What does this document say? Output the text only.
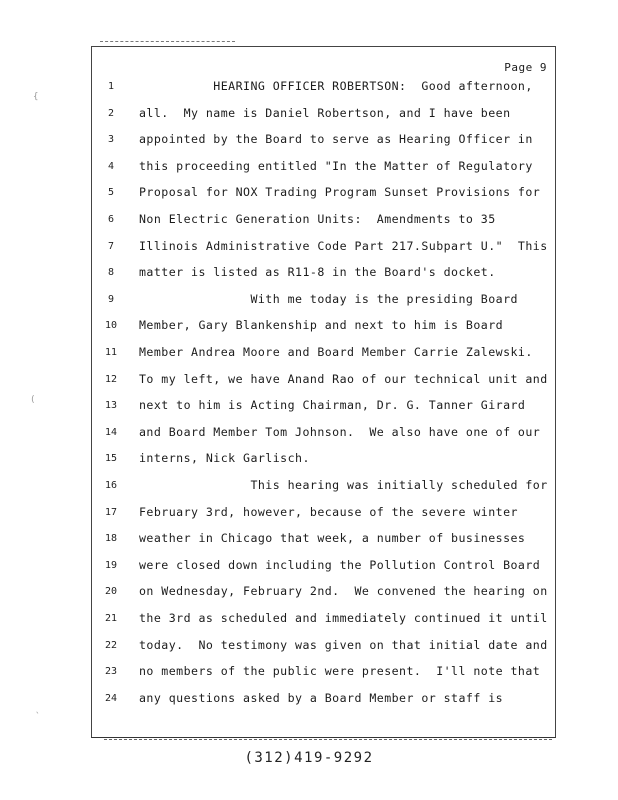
Page 9
1	HEARING OFFICER ROBERTSON:  Good afternoon,
2	all.  My name is Daniel Robertson, and I have been
3	appointed by the Board to serve as Hearing Officer in
4	this proceeding entitled "In the Matter of Regulatory
5	Proposal for NOX Trading Program Sunset Provisions for
6	Non Electric Generation Units:  Amendments to 35
7	Illinois Administrative Code Part 217.Subpart U."  This
8	matter is listed as R11-8 in the Board's docket.
9	With me today is the presiding Board
10	Member, Gary Blankenship and next to him is Board
11	Member Andrea Moore and Board Member Carrie Zalewski.
12	To my left, we have Anand Rao of our technical unit and
13	next to him is Acting Chairman, Dr. G. Tanner Girard
14	and Board Member Tom Johnson.  We also have one of our
15	interns, Nick Garlisch.
16	This hearing was initially scheduled for
17	February 3rd, however, because of the severe winter
18	weather in Chicago that week, a number of businesses
19	were closed down including the Pollution Control Board
20	on Wednesday, February 2nd.  We convened the hearing on
21	the 3rd as scheduled and immediately continued it until
22	today.  No testimony was given on that initial date and
23	no members of the public were present.  I'll note that
24	any questions asked by a Board Member or staff is
(312)419-9292
{
(
`
